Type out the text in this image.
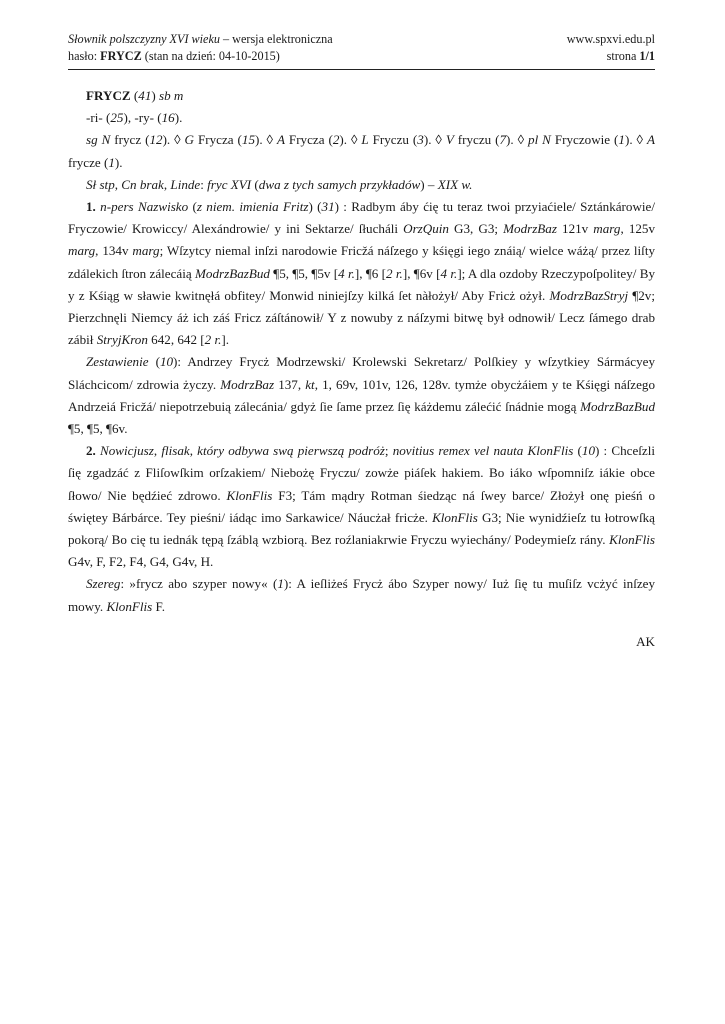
Słownik polszczyzny XVI wieku – wersja elektroniczna	www.spxvi.edu.pl
hasło: FRYCZ (stan na dzień: 04-10-2015)	strona 1/1

FRYCZ (41) sb m

-ri- (25), -ry- (16).

sg N frycz (12). ◊ G Frycza (15). ◊ A Frycza (2). ◊ L Fryczu (3). ◊ V fryczu (7). ◊ pl N Fryczowie (1). ◊ A frycze (1).

Sł stp, Cn brak, Linde: fryc XVI (dwa z tych samych przykładów) – XIX w.

1. n-pers Nazwisko (z niem. imienia Fritz) (31) : Radbym áby ćię tu teraz twoi przyiaćiele/ Sztánkárowie/ Fryczowie/ Krowiccy/ Alexándrowie/ y ini Sektarze/ ſłucháli OrzQuin G3, G3; ModrzBaz 121v marg, 125v marg, 134v marg; Wſzytcy niemal inſzi narodowie Fricžá náſzego y kśięgi iego znáią/ wielce wáżą/ przez liſty zdálekich ſtron zálecáią ModrzBazBud ¶5, ¶5, ¶5v [4 r.], ¶6 [2 r.], ¶6v [4 r.]; A dla ozdoby Rzeczypoſpolitey/ By y z Kśiąg w sławie kwitnęłá obfitey/ Monwid niniejſzy kilká ſet nàłożył/ Aby Fricż ożył. ModrzBazStryj ¶2v; Pierzchnęli Niemcy áż ich záś Fricz záſtánowił/ Y z nowuby z náſzymi bitwę był odnowił/ Lecz ſámego drab zábił StryjKron 642, 642 [2 r.].

Zestawienie (10): Andrzey Frycż Modrzewski/ Krolewski Sekretarz/ Polſkiey y wſzytkiey Sármácyey Sláchcicom/ zdrowia życzy. ModrzBaz 137, kt, 1, 69v, 101v, 126, 128v. tymże obycżáiem y te Kśięgi náſzego Andrzeiá Fricžá/ niepotrzebuią zálecánia/ gdyż ſie ſame przez ſię káżdemu zálećić ſnádnie mogą ModrzBazBud ¶5, ¶5, ¶6v.

2. Nowicjusz, flisak, który odbywa swą pierwszą podróż; novitius remex vel nauta KlonFlis (10) : Chceſzli ſię zgadzáć z Fliſowſkim orſzakiem/ Niebożę Fryczu/ zowże piáſek hakiem. Bo iáko wſpomniſz iákie obce ſłowo/ Nie będźieć zdrowo. KlonFlis F3; Tám mądry Rotman śiedząc ná ſwey barce/ Złożył onę pieśń o świętey Bárbárce. Tey pieśni/ iádąc imo Sarkawice/ Náucżał fricże. KlonFlis G3; Nie wynidźieſz tu łotrowſką pokorą/ Bo cię tu iednák tępą ſzáblą wzbiorą. Bez roźlaniakrwie Fryczu wyiechány/ Podeymieſz rány. KlonFlis G4v, F, F2, F4, G4, G4v, H.

Szereg: »frycz abo szyper nowy« (1): A ieſliżeś Frycż ábo Szyper nowy/ Iuż ſię tu muſiſz vcżyć inſzey mowy. KlonFlis F.

AK
